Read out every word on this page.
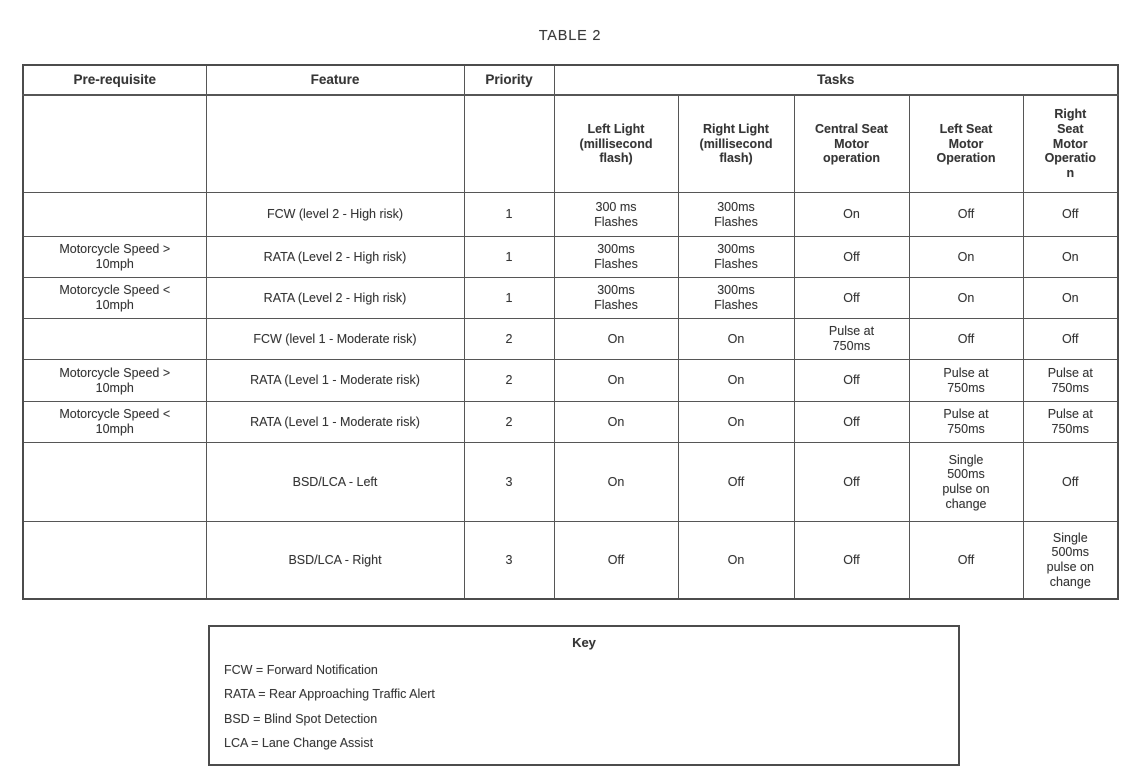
TABLE 2
Pre-requisite	Feature	Priority	Tasks				
			Left Light
(millisecond
flash)	Right Light
(millisecond
flash)	Central Seat
Motor
operation	Left Seat
Motor
Operation	Right
Seat
Motor
Operatio
n
	FCW (level 2 - High risk)	1	300 ms
Flashes	300ms
Flashes	On	Off	Off
Motorcycle Speed >
10mph	RATA (Level 2 - High risk)	1	300ms
Flashes	300ms
Flashes	Off	On	On
Motorcycle Speed <
10mph	RATA (Level 2 - High risk)	1	300ms
Flashes	300ms
Flashes	Off	On	On
	FCW (level 1 - Moderate risk)	2	On	On	Pulse at
750ms	Off	Off
Motorcycle Speed >
10mph	RATA (Level 1 - Moderate risk)	2	On	On	Off	Pulse at
750ms	Pulse at
750ms
Motorcycle Speed <
10mph	RATA (Level 1 - Moderate risk)	2	On	On	Off	Pulse at
750ms	Pulse at
750ms
	BSD/LCA - Left	3	On	Off	Off	Single
500ms
pulse on
change	Off
	BSD/LCA - Right	3	Off	On	Off	Off	Single
500ms
pulse on
change
Key
FCW = Forward Notification
RATA = Rear Approaching Traffic Alert
BSD = Blind Spot Detection
LCA = Lane Change Assist
